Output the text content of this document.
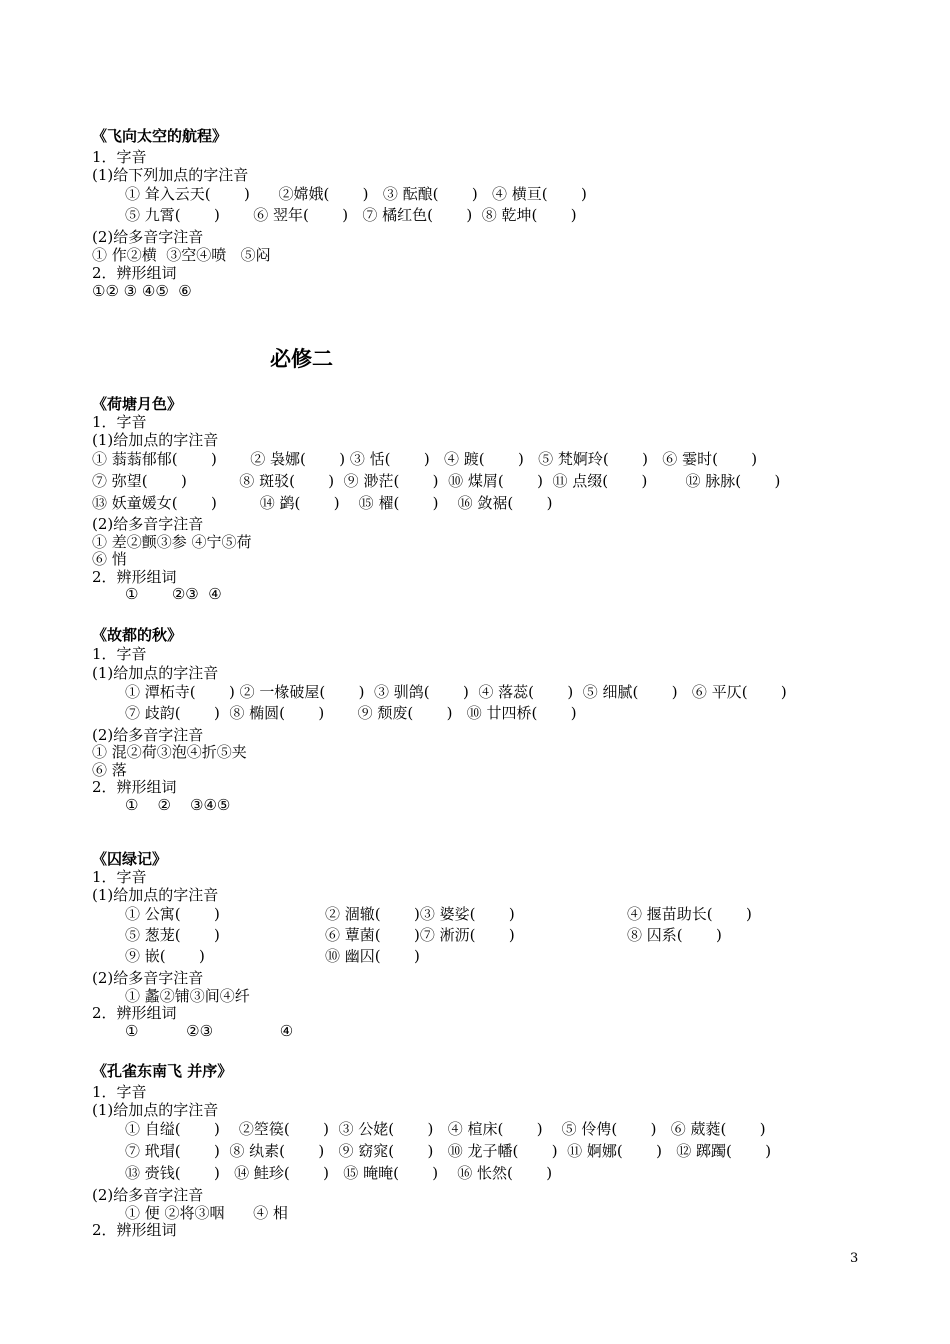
《飞向太空的航程》
1．字音
(1)给下列加点的字注音
① 耸入云天(       )      ②嫦娥(       )   ③ 酝酿(       )   ④ 横亘(       )
⑤ 九霄(       )       ⑥ 翌年(       )   ⑦ 橘红色(       )  ⑧ 乾坤(       )
(2)给多音字注音
① 作②横  ③空④喷   ⑤闷
2．辨形组词
①② ③ ④⑤  ⑥
必修二
《荷塘月色》
1．字音
(1)给加点的字注音
① 蓊蓊郁郁(       )       ② 袅娜(       ) ③ 恬(       )   ④ 踱(       )   ⑤ 梵婀玲(       )   ⑥ 霎时(       )
⑦ 弥望(       )           ⑧ 斑驳(       )  ⑨ 渺茫(       )  ⑩ 煤屑(       )  ⑪ 点缀(       )        ⑫ 脉脉(       )
⑬ 妖童媛女(       )         ⑭ 鹢(       )    ⑮ 櫂(       )    ⑯ 敛裾(       )
(2)给多音字注音
① 差②颤③参 ④宁⑤荷
⑥ 悄
2．辨形组词
①       ②③  ④
《故都的秋》
1．字音
(1)给加点的字注音
① 潭柘寺(       ) ② 一椽破屋(       )  ③ 驯鸽(       )  ④ 落蕊(       )  ⑤ 细腻(       )   ⑥ 平仄(       )
⑦ 歧韵(       )  ⑧ 椭圆(       )       ⑨ 颓废(       )   ⑩ 廿四桥(       )
(2)给多音字注音
① 混②荷③泡④折⑤夹
⑥ 落
2．辨形组词
①    ②    ③④⑤
《囚绿记》
1．字音
(1)给加点的字注音
① 公寓(       )	② 涸辙(       )③ 婆娑(       )	④ 揠苗助长(       )
⑤ 葱茏(       )	⑥ 蕈菌(       )⑦ 淅沥(       )	⑧ 囚系(       )
⑨ 嵌(       )	⑩ 幽囚(       )
(2)给多音字注音
① 蠡②铺③间④纤
2．辨形组词
①          ②③              ④
《孔雀东南飞 并序》
1．字音
(1)给加点的字注音
① 自缢(       )    ②箜篌(       )  ③ 公姥(       )   ④ 楦床(       )    ⑤ 伶俜(       )   ⑥ 葳蕤(       )
⑦ 玳瑁(       )  ⑧ 纨素(       )   ⑨ 窈窕(       )   ⑩ 龙子幡(       )  ⑪ 婀娜(       )   ⑫ 踯躅(       )
⑬ 赍钱(       )   ⑭ 鲑珍(       )   ⑮ 晻晻(       )    ⑯ 怅然(       )
(2)给多音字注音
① 便 ②将③咽      ④ 相
2．辨形组词
3
